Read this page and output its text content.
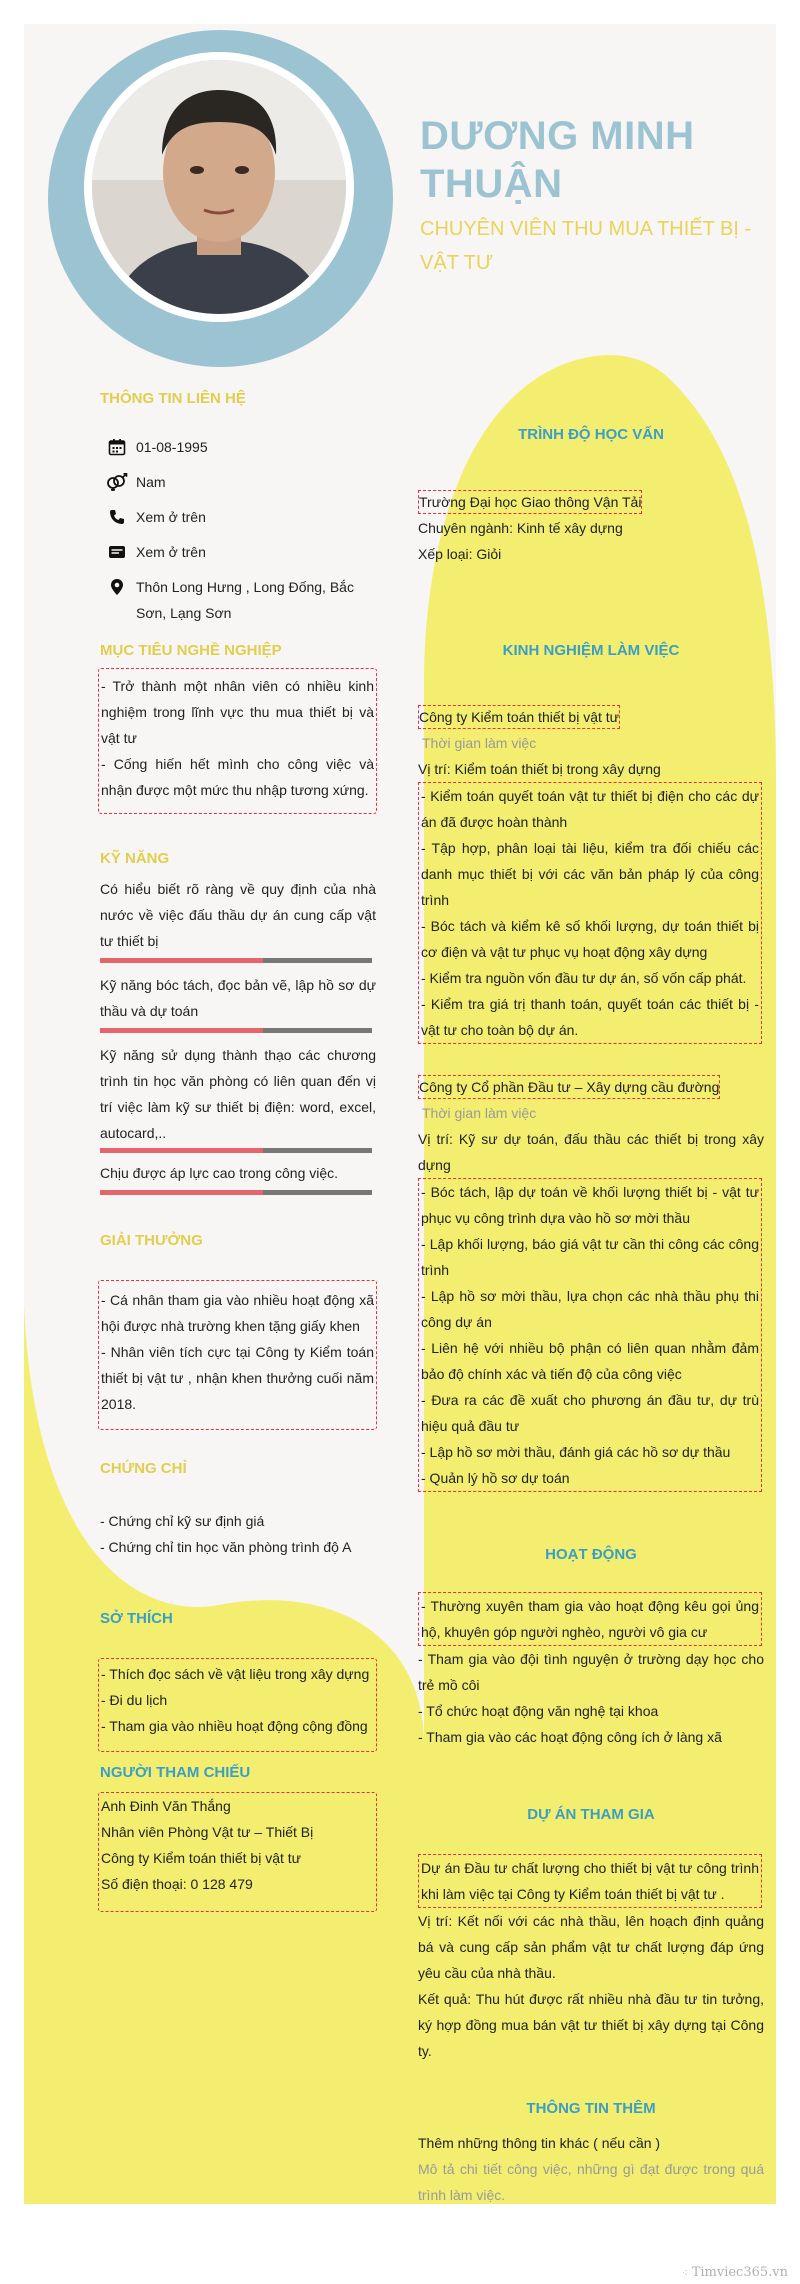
DƯƠNG MINH THUẬN
CHUYÊN VIÊN THU MUA THIẾT BỊ - VẬT TƯ
THÔNG TIN LIÊN HỆ
01-08-1995
Nam
Xem ở trên
Xem ở trên
Thôn Long Hưng , Long Đống, Bắc Sơn, Lạng Sơn
MỤC TIÊU NGHỀ NGHIỆP
- Trở thành một nhân viên có nhiều kinh nghiệm trong lĩnh vực thu mua thiết bị và vật tư
- Cống hiến hết mình cho công việc và nhận được một mức thu nhập tương xứng.
KỸ NĂNG
Có hiểu biết rõ ràng về quy định của nhà nước về việc đấu thầu dự án cung cấp vật tư thiết bị
Kỹ năng bóc tách, đọc bản vẽ, lập hồ sơ dự thầu và dự toán
Kỹ năng sử dụng thành thạo các chương trình tin học văn phòng có liên quan đến vị trí việc làm kỹ sư thiết bị điện: word, excel, autocard,..
Chịu được áp lực cao trong công việc.
GIẢI THƯỞNG
- Cá nhân tham gia vào nhiều hoạt động xã hội được nhà trường khen tặng giấy khen
- Nhân viên tích cực tại Công ty Kiểm toán thiết bị vật tư , nhận khen thưởng cuối năm 2018.
CHỨNG CHỈ
- Chứng chỉ kỹ sư định giá
- Chứng chỉ tin học văn phòng trình độ A
SỞ THÍCH
- Thích đọc sách về vật liệu trong xây dựng
- Đi du lịch
- Tham gia vào nhiều hoạt động cộng đồng
NGƯỜI THAM CHIẾU
Anh Đinh Văn Thắng
Nhân viên Phòng Vật tư – Thiết Bị
Công ty Kiểm toán thiết bị vật tư
Số điện thoại: 0 128 479
TRÌNH ĐỘ HỌC VẤN
Trường Đại học Giao thông Vận Tải
Chuyên ngành: Kinh tế xây dựng
Xếp loại: Giỏi
KINH NGHIỆM LÀM VIỆC
Công ty Kiểm toán thiết bị vật tư
Thời gian làm việc
Vị trí: Kiểm toán thiết bị trong xây dựng
- Kiểm toán quyết toán vật tư thiết bị điện cho các dự án đã được hoàn thành
- Tập hợp, phân loại tài liệu, kiểm tra đối chiếu các danh mục thiết bị với các văn bản pháp lý của công trình
- Bóc tách và kiểm kê số khối lượng, dự toán thiết bị cơ điện và vật tư phục vụ hoạt động xây dựng
- Kiểm tra nguồn vốn đầu tư dự án, số vốn cấp phát.
- Kiểm tra giá trị thanh toán, quyết toán các thiết bị - vật tư cho toàn bộ dự án.
Công ty Cổ phần Đầu tư – Xây dựng cầu đường
Thời gian làm việc
Vị trí: Kỹ sư dự toán, đấu thầu các thiết bị trong xây dựng
- Bóc tách, lập dự toán về khối lượng thiết bị - vật tư phục vụ công trình dựa vào hồ sơ mời thầu
- Lập khối lượng, báo giá vật tư cần thi công các công trình
- Lập hồ sơ mời thầu, lựa chọn các nhà thầu phụ thi công dự án
- Liên hệ với nhiều bộ phận có liên quan nhằm đảm bảo độ chính xác và tiến độ của công việc
- Đưa ra các đề xuất cho phương án đầu tư, dự trù hiệu quả đầu tư
- Lập hồ sơ mời thầu, đánh giá các hồ sơ dự thầu
- Quản lý hồ sơ dự toán
HOẠT ĐỘNG
- Thường xuyên tham gia vào hoạt động kêu gọi ủng hộ, khuyên góp người nghèo, người vô gia cư
- Tham gia vào đội tình nguyện ở trường dạy học cho trẻ mồ côi
- Tổ chức hoạt động văn nghệ tại khoa
- Tham gia vào các hoạt động công ích ở làng xã
DỰ ÁN THAM GIA
Dự án Đầu tư chất lượng cho thiết bị vật tư công trình khi làm việc tại Công ty Kiểm toán thiết bị vật tư .
Vị trí: Kết nối với các nhà thầu, lên hoạch định quảng bá và cung cấp sản phẩm vật tư chất lượng đáp ứng yêu cầu của nhà thầu.
Kết quả: Thu hút được rất nhiều nhà đầu tư tin tưởng, ký hợp đồng mua bán vật tư thiết bị xây dựng tại Công ty.
THÔNG TIN THÊM
Thêm những thông tin khác ( nếu cần )
Mô tả chi tiết công việc, những gì đạt được trong quá trình làm việc.
⁖ Timviec365.vn
